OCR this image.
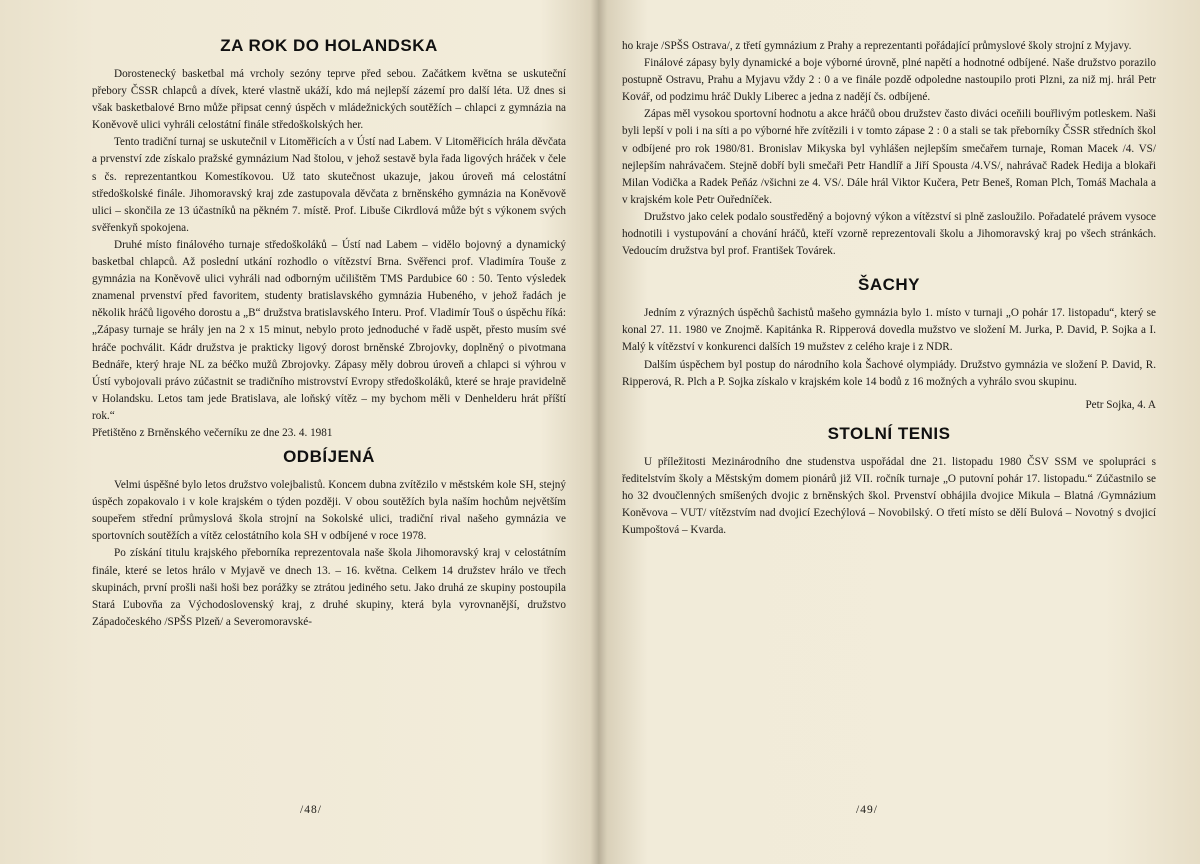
ZA ROK DO HOLANDSKA

Dorostenecký basketbal má vrcholy sezóny teprve před sebou. Začátkem května se uskuteční přebory ČSSR chlapců a dívek, které vlastně ukáží, kdo má nejlepší zázemí pro další léta. Už dnes si však basketbalové Brno může připsat cenný úspěch v mládežnických soutěžích – chlapci z gymnázia na Koněvově ulici vyhráli celostátní finále středoškolských her.

Tento tradiční turnaj se uskutečnil v Litoměřicích a v Ústí nad Labem. V Litoměřicích hrála děvčata a prvenství zde získalo pražské gymnázium Nad štolou, v jehož sestavě byla řada ligových hráček v čele s čs. reprezentantkou Komestíkovou. Už tato skutečnost ukazuje, jakou úroveň má celostátní středoškolské finále. Jihomoravský kraj zde zastupovala děvčata z brněnského gymnázia na Koněvově ulici – skončila ze 13 účastníků na pěkném 7. místě. Prof. Libuše Cikrdlová může být s výkonem svých svěřenkyň spokojena.

Druhé místo finálového turnaje středoškoláků – Ústí nad Labem – vidělo bojovný a dynamický basketbal chlapců. Až poslední utkání rozhodlo o vítězství Brna. Svěřenci prof. Vladimíra Touše z gymnázia na Koněvově ulici vyhráli nad odborným učilištěm TMS Pardubice 60 : 50. Tento výsledek znamenal prvenství před favoritem, studenty bratislavského gymnázia Hubeného, v jehož řadách je několik hráčů ligového dorostu a „B“ družstva bratislavského Interu. Prof. Vladimír Touš o úspěchu říká: „Zápasy turnaje se hrály jen na 2 x 15 minut, nebylo proto jednoduché v řadě uspět, přesto musím své hráče pochválit. Kádr družstva je prakticky ligový dorost brněnské Zbrojovky, doplněný o pivotmana Bednáře, který hraje NL za béčko mužů Zbrojovky. Zápasy měly dobrou úroveň a chlapci si výhrou v Ústí vybojovali právo zúčastnit se tradičního mistrovství Evropy středoškoláků, které se hraje pravidelně v Holandsku. Letos tam jede Bratislava, ale loňský vítěz – my bychom měli v Denhelderu hrát příští rok.“

Přetištěno z Brněnského večerníku ze dne 23. 4. 1981

ODBÍJENÁ

Velmi úspěšné bylo letos družstvo volejbalistů. Koncem dubna zvítězilo v městském kole SH, stejný úspěch zopakovalo i v kole krajském o týden později. V obou soutěžích byla naším hochům největším soupeřem střední průmyslová škola strojní na Sokolské ulici, tradiční rival našeho gymnázia ve sportovních soutěžích a vítěz celostátního kola SH v odbíjené v roce 1978.

Po získání titulu krajského přeborníka reprezentovala naše škola Jihomoravský kraj v celostátním finále, které se letos hrálo v Myjavě ve dnech 13. – 16. května. Celkem 14 družstev hrálo ve třech skupinách, první prošli naši hoši bez porážky se ztrátou jediného setu. Jako druhá ze skupiny postoupila Stará Ľubovňa za Východoslovenský kraj, z druhé skupiny, která byla vyrovnanější, družstvo Západočeského /SPŠS Plzeň/ a Severomoravské-

/48/

ho kraje /SPŠS Ostrava/, z třetí gymnázium z Prahy a reprezentanti pořádající průmyslové školy strojní z Myjavy.

Finálové zápasy byly dynamické a boje výborné úrovně, plné napětí a hodnotné odbíjené. Naše družstvo porazilo postupně Ostravu, Prahu a Myjavu vždy 2 : 0 a ve finále pozdě odpoledne nastoupilo proti Plzni, za niž mj. hrál Petr Kovář, od podzimu hráč Dukly Liberec a jedna z nadějí čs. odbíjené.

Zápas měl vysokou sportovní hodnotu a akce hráčů obou družstev často diváci oceňili bouřlivým potleskem. Naši byli lepší v poli i na síti a po výborné hře zvítězili i v tomto zápase 2 : 0 a stali se tak přeborníky ČSSR středních škol v odbíjené pro rok 1980/81. Bronislav Mikyska byl vyhlášen nejlepším smečařem turnaje, Roman Macek /4. VS/ nejlepším nahrávačem. Stejně dobří byli smečaři Petr Handlíř a Jiří Spousta /4.VS/, nahrávač Radek Hedija a blokaři Milan Vodička a Radek Peňáz /všichni ze 4. VS/. Dále hrál Viktor Kučera, Petr Beneš, Roman Plch, Tomáš Machala a v krajském kole Petr Ouředníček.

Družstvo jako celek podalo soustředěný a bojovný výkon a vítězství si plně zasloužilo. Pořadatelé právem vysoce hodnotili i vystupování a chování hráčů, kteří vzorně reprezentovali školu a Jihomoravský kraj po všech stránkách. Vedoucím družstva byl prof. František Továrek.

ŠACHY

Jedním z výrazných úspěchů šachistů mašeho gymnázia bylo 1. místo v turnaji „O pohár 17. listopadu“, který se konal 27. 11. 1980 ve Znojmě. Kapitánka R. Ripperová dovedla mužstvo ve složení M. Jurka, P. David, P. Sojka a I. Malý k vítězství v konkurenci dalších 19 mužstev z celého kraje i z NDR.

Dalším úspěchem byl postup do národního kola Šachové olympiády. Družstvo gymnázia ve složení P. David, R. Ripperová, R. Plch a P. Sojka získalo v krajském kole 14 bodů z 16 možných a vyhrálo svou skupinu.

Petr Sojka, 4. A

STOLNÍ TENIS

U příležitosti Mezinárodního dne studenstva uspořádal dne 21. listopadu 1980 ČSV SSM ve spolupráci s ředitelstvím školy a Městským domem pionárů již VII. ročník turnaje „O putovní pohár 17. listopadu.“ Zúčastnilo se ho 32 dvoučlenných smíšených dvojic z brněnských škol. Prvenství obhájila dvojice Mikula – Blatná /Gymnázium Koněvova – VUT/ vítězstvím nad dvojicí Ezechýlová – Novobilský. O třetí místo se dělí Bulová – Novotný s dvojicí Kumpoštová – Kvarda.

/49/
